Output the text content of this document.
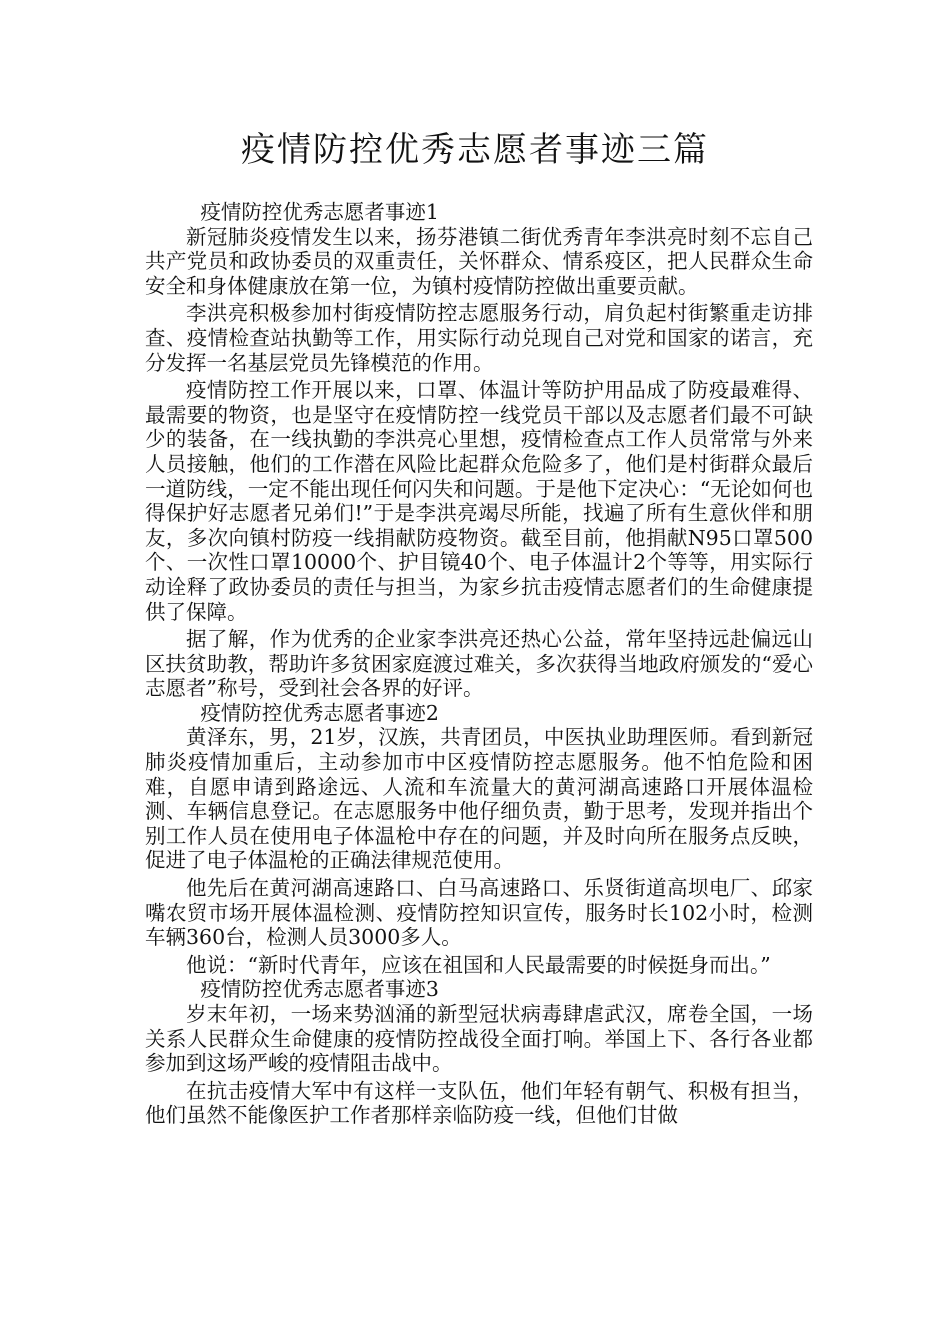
疫情防控优秀志愿者事迹三篇

疫情防控优秀志愿者事迹1

新冠肺炎疫情发生以来，扬芬港镇二街优秀青年李洪亮时刻不忘自己共产党员和政协委员的双重责任，关怀群众、情系疫区，把人民群众生命安全和身体健康放在第一位，为镇村疫情防控做出重要贡献。

李洪亮积极参加村街疫情防控志愿服务行动，肩负起村街繁重走访排查、疫情检查站执勤等工作，用实际行动兑现自己对党和国家的诺言，充分发挥一名基层党员先锋模范的作用。

疫情防控工作开展以来，口罩、体温计等防护用品成了防疫最难得、最需要的物资，也是坚守在疫情防控一线党员干部以及志愿者们最不可缺少的装备，在一线执勤的李洪亮心里想，疫情检查点工作人员常常与外来人员接触，他们的工作潜在风险比起群众危险多了，他们是村街群众最后一道防线，一定不能出现任何闪失和问题。于是他下定决心：“无论如何也得保护好志愿者兄弟们!”于是李洪亮竭尽所能，找遍了所有生意伙伴和朋友，多次向镇村防疫一线捐献防疫物资。截至目前，他捐献N95口罩500个、一次性口罩10000个、护目镜40个、电子体温计2个等等，用实际行动诠释了政协委员的责任与担当，为家乡抗击疫情志愿者们的生命健康提供了保障。

据了解，作为优秀的企业家李洪亮还热心公益，常年坚持远赴偏远山区扶贫助教，帮助许多贫困家庭渡过难关，多次获得当地政府颁发的“爱心志愿者”称号，受到社会各界的好评。

疫情防控优秀志愿者事迹2

黄泽东，男，21岁，汉族，共青团员，中医执业助理医师。看到新冠肺炎疫情加重后，主动参加市中区疫情防控志愿服务。他不怕危险和困难，自愿申请到路途远、人流和车流量大的黄河湖高速路口开展体温检测、车辆信息登记。在志愿服务中他仔细负责，勤于思考，发现并指出个别工作人员在使用电子体温枪中存在的问题，并及时向所在服务点反映，促进了电子体温枪的正确法律规范使用。

他先后在黄河湖高速路口、白马高速路口、乐贤街道高坝电厂、邱家嘴农贸市场开展体温检测、疫情防控知识宣传，服务时长102小时，检测车辆360台，检测人员3000多人。

他说：“新时代青年，应该在祖国和人民最需要的时候挺身而出。”

疫情防控优秀志愿者事迹3

岁末年初，一场来势汹涌的新型冠状病毒肆虐武汉，席卷全国，一场关系人民群众生命健康的疫情防控战役全面打响。举国上下、各行各业都参加到这场严峻的疫情阻击战中。

在抗击疫情大军中有这样一支队伍，他们年轻有朝气、积极有担当，他们虽然不能像医护工作者那样亲临防疫一线，但他们甘做
